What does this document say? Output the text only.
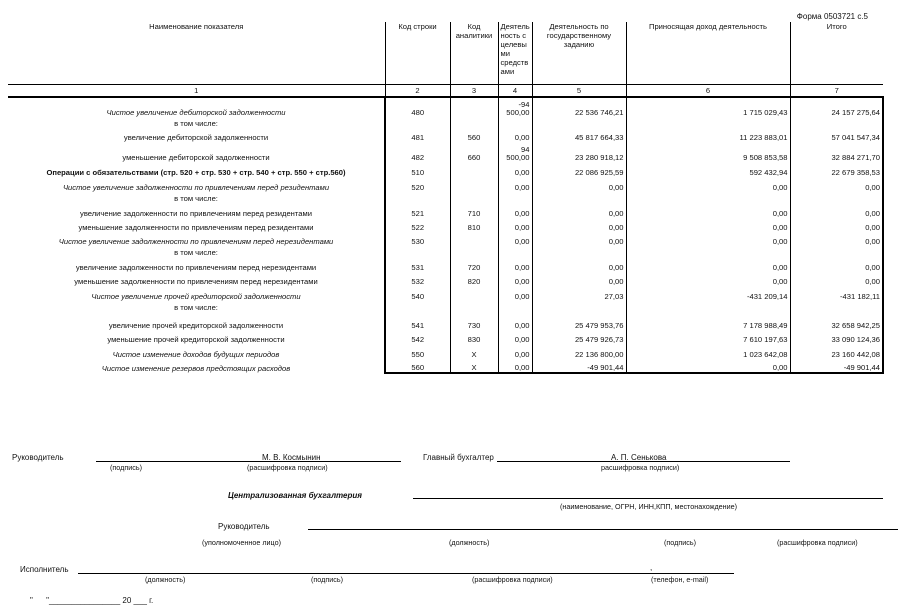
Форма 0503721 с.5
Наименование показателя	Код строки	Код аналитики	Деятель ность с целевы ми средств ами	Деятельность по государственному заданию	Приносящая доход деятельность	Итого
1	2	3	4	5	6	7
Чистое увеличение дебиторской задолженности	480		-94 500,00	22 536 746,21	1 715 029,43	24 157 275,64
в том числе:						
увеличение дебиторской задолженности	481	560	0,00	45 817 664,33	11 223 883,01	57 041 547,34
уменьшение дебиторской задолженности	482	660	94 500,00	23 280 918,12	9 508 853,58	32 884 271,70
Операции с обязательствами (стр. 520 + стр. 530 + стр. 540 + стр. 550 + стр.560)	510		0,00	22 086 925,59	592 432,94	22 679 358,53
Чистое увеличение задолженности по привлечениям перед резидентами	520		0,00	0,00	0,00	0,00
в том числе:						
увеличение задолженности по привлечениям перед резидентами	521	710	0,00	0,00	0,00	0,00
уменьшение задолженности по привлечениям перед резидентами	522	810	0,00	0,00	0,00	0,00
Чистое увеличение задолженности по привлечениям перед нерезидентами	530		0,00	0,00	0,00	0,00
в том числе:						
увеличение задолженности по привлечениям перед нерезидентами	531	720	0,00	0,00	0,00	0,00
уменьшение задолженности по привлечениям перед нерезидентами	532	820	0,00	0,00	0,00	0,00
Чистое увеличение прочей кредиторской задолженности	540		0,00	27,03	-431 209,14	-431 182,11
в том числе:						
увеличение прочей кредиторской задолженности	541	730	0,00	25 479 953,76	7 178 988,49	32 658 942,25
уменьшение прочей кредиторской задолженности	542	830	0,00	25 479 926,73	7 610 197,63	33 090 124,36
Чистое изменение доходов будущих периодов	550	X	0,00	22 136 800,00	1 023 642,08	23 160 442,08
Чистое изменение резервов предстоящих расходов	560	X	0,00	-49 901,44	0,00	-49 901,44
Руководитель	М. В. Космынин
(подпись)	(расшифровка подписи)
Главный бухгалтер	А. П. Сенькова
расшифровка подписи)
Централизованная бухгалтерия
(наименование, ОГРН, ИНН,КПП, местонахождение)
Руководитель
(уполномоченное лицо)	(должность)	(подпись)	(расшифровка подписи)
Исполнитель	,
(должность)	(подпись)	(расшифровка подписи)	(телефон, e-mail)
"      "________________ 20 ___ г.
